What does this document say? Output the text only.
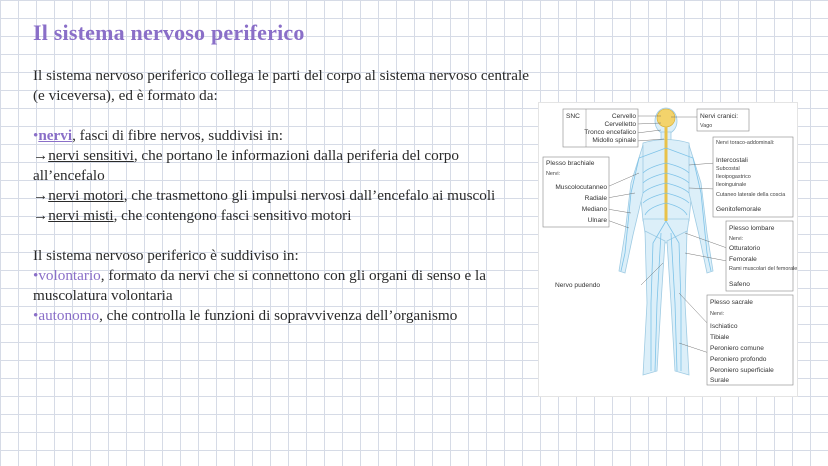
Il sistema nervoso periferico

Il sistema nervoso periferico collega le parti del corpo al sistema nervoso centrale (e viceversa), ed è formato da:

•nervi, fasci di fibre nervos, suddivisi in:

→nervi sensitivi, che portano le informazioni dalla periferia del corpo all’encefalo

→nervi motori, che trasmettono gli impulsi nervosi dall’encefalo ai muscoli

→nervi misti, che contengono fasci sensitivo motori

Il sistema nervoso periferico è suddiviso in:

•volontario, formato da nervi che si connettono con gli organi di senso e la muscolatura volontaria

•autonomo, che controlla le funzioni di sopravvivenza dell’organismo

SNC	Cervello
Cervelletto
Tronco encefalico
Midollo spinale
Nervi cranici:
Vago
Nervi toraco-addominali:
Intercostali
Subcostal
Ileoipogastrico
Ileoinguinale
Cutaneo laterale della coscia
Genitofemorale
Plesso brachiale
Nervi:
Muscolocutanneo
Radiale
Mediano
Ulnare
Plesso lombare
Nervi:
Otturatorio
Femorale
Rami muscolari del femorale
Safeno
Nervo pudendo
Plesso sacrale
Nervi:
Ischiatico
Tibiale
Peroniero comune
Peroniero profondo
Peroniero superficiale
Surale
